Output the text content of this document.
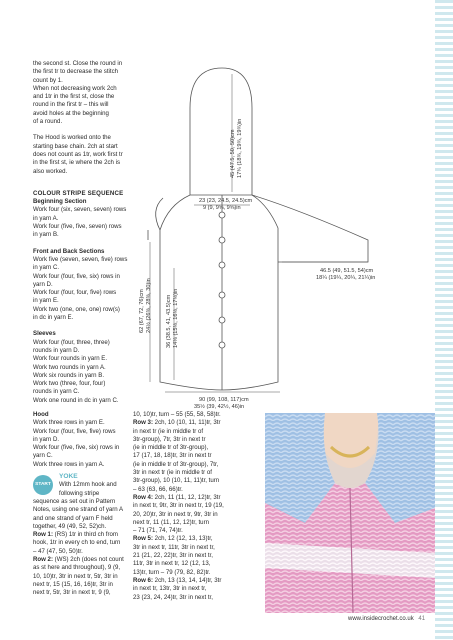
the second st. Close the round in

the first tr to decrease the stitch

count by 1.

When not decreasing work 2ch

and 1tr in the first st, close the

round in the first tr – this will

avoid holes at the beginning

of a round.

The Hood is worked onto the

starting base chain. 2ch at start

does not count as 1tr, work first tr

in the first st, ie where the 2ch is

also worked.

COLOUR STRIPE SEQUENCE

Beginning Section

Work four (six, seven, seven) rows

in yarn A.

Work four (five, five, seven) rows

in yarn B.

Front and Back Sections

Work five (seven, seven, five) rows

in yarn C.

Work four (four, five, six) rows in

yarn D.

Work four (four, four, five) rows

in yarn E.

Work two (one, one, one) row(s)

in dc in yarn E.

Sleeves

Work four (four, three, three)

rounds in yarn D.

Work four rounds in yarn E.

Work two rounds in yarn A.

Work six rounds in yarn B.

Work two (three, four, four)

rounds in yarn C.

Work one round in dc in yarn C.

45 (47.5, 50, 50)cm 17¾ (18¾, 19¾, 19¾)in
23 (23, 24.5, 24.5)cm
9 (9, 9⅝, 9⅝)in
62 (67, 72, 76)cm 24½ (26⅜, 28⅜, 30)in	36 (38.5, 41, 43.5)cm 14⅛ (15⅛, 16⅛, 17⅛)in
46.5 (49, 51.5, 54)cm
18¼ (19¼, 20¼, 21¼)in
90 (99, 108, 117)cm
35½ (39, 42½, 46)in

Hood

Work three rows in yarn E.

Work four (four, five, five) rows

in yarn D.

Work four (five, five, six) rows in

yarn C.

Work three rows in yarn A.

START

YOKE

With 12mm hook and

following stripe

sequence as set out in Pattern

Notes, using one strand of yarn A

and one strand of yarn F held

together, 49 (49, 52, 52)ch.

Row 1: (RS) 1tr in third ch from

hook, 1tr in every ch to end, turn

– 47 (47, 50, 50)tr.

Row 2: (WS) 2ch (does not count

as st here and throughout), 9 (9,

10, 10)tr, 3tr in next tr, 5tr, 3tr in

next tr, 15 (15, 16, 16)tr, 3tr in

next tr, 5tr, 3tr in next tr, 9 (9,

10, 10)tr, turn – 55 (55, 58, 58)tr.

Row 3: 2ch, 10 (10, 11, 11)tr, 3tr

in next tr (ie in middle tr of

3tr-group), 7tr, 3tr in next tr

(ie in middle tr of 3tr-group),

17 (17, 18, 18)tr, 3tr in next tr

(ie in middle tr of 3tr-group), 7tr,

3tr in next tr (ie in middle tr of

3tr-group), 10 (10, 11, 11)tr, turn

– 63 (63, 66, 66)tr.

Row 4: 2ch, 11 (11, 12, 12)tr, 3tr

in next tr, 9tr, 3tr in next tr, 19 (19,

20, 20)tr, 3tr in next tr, 9tr, 3tr in

next tr, 11 (11, 12, 12)tr, turn

– 71 (71, 74, 74)tr.

Row 5: 2ch, 12 (12, 13, 13)tr,

3tr in next tr, 11tr, 3tr in next tr,

21 (21, 22, 22)tr, 3tr in next tr,

11tr, 3tr in next tr, 12 (12, 13,

13)tr, turn – 79 (79, 82, 82)tr.

Row 6: 2ch, 13 (13, 14, 14)tr, 3tr

in next tr, 13tr, 3tr in next tr,

23 (23, 24, 24)tr, 3tr in next tr,

www.insidecrochet.co.uk 41
